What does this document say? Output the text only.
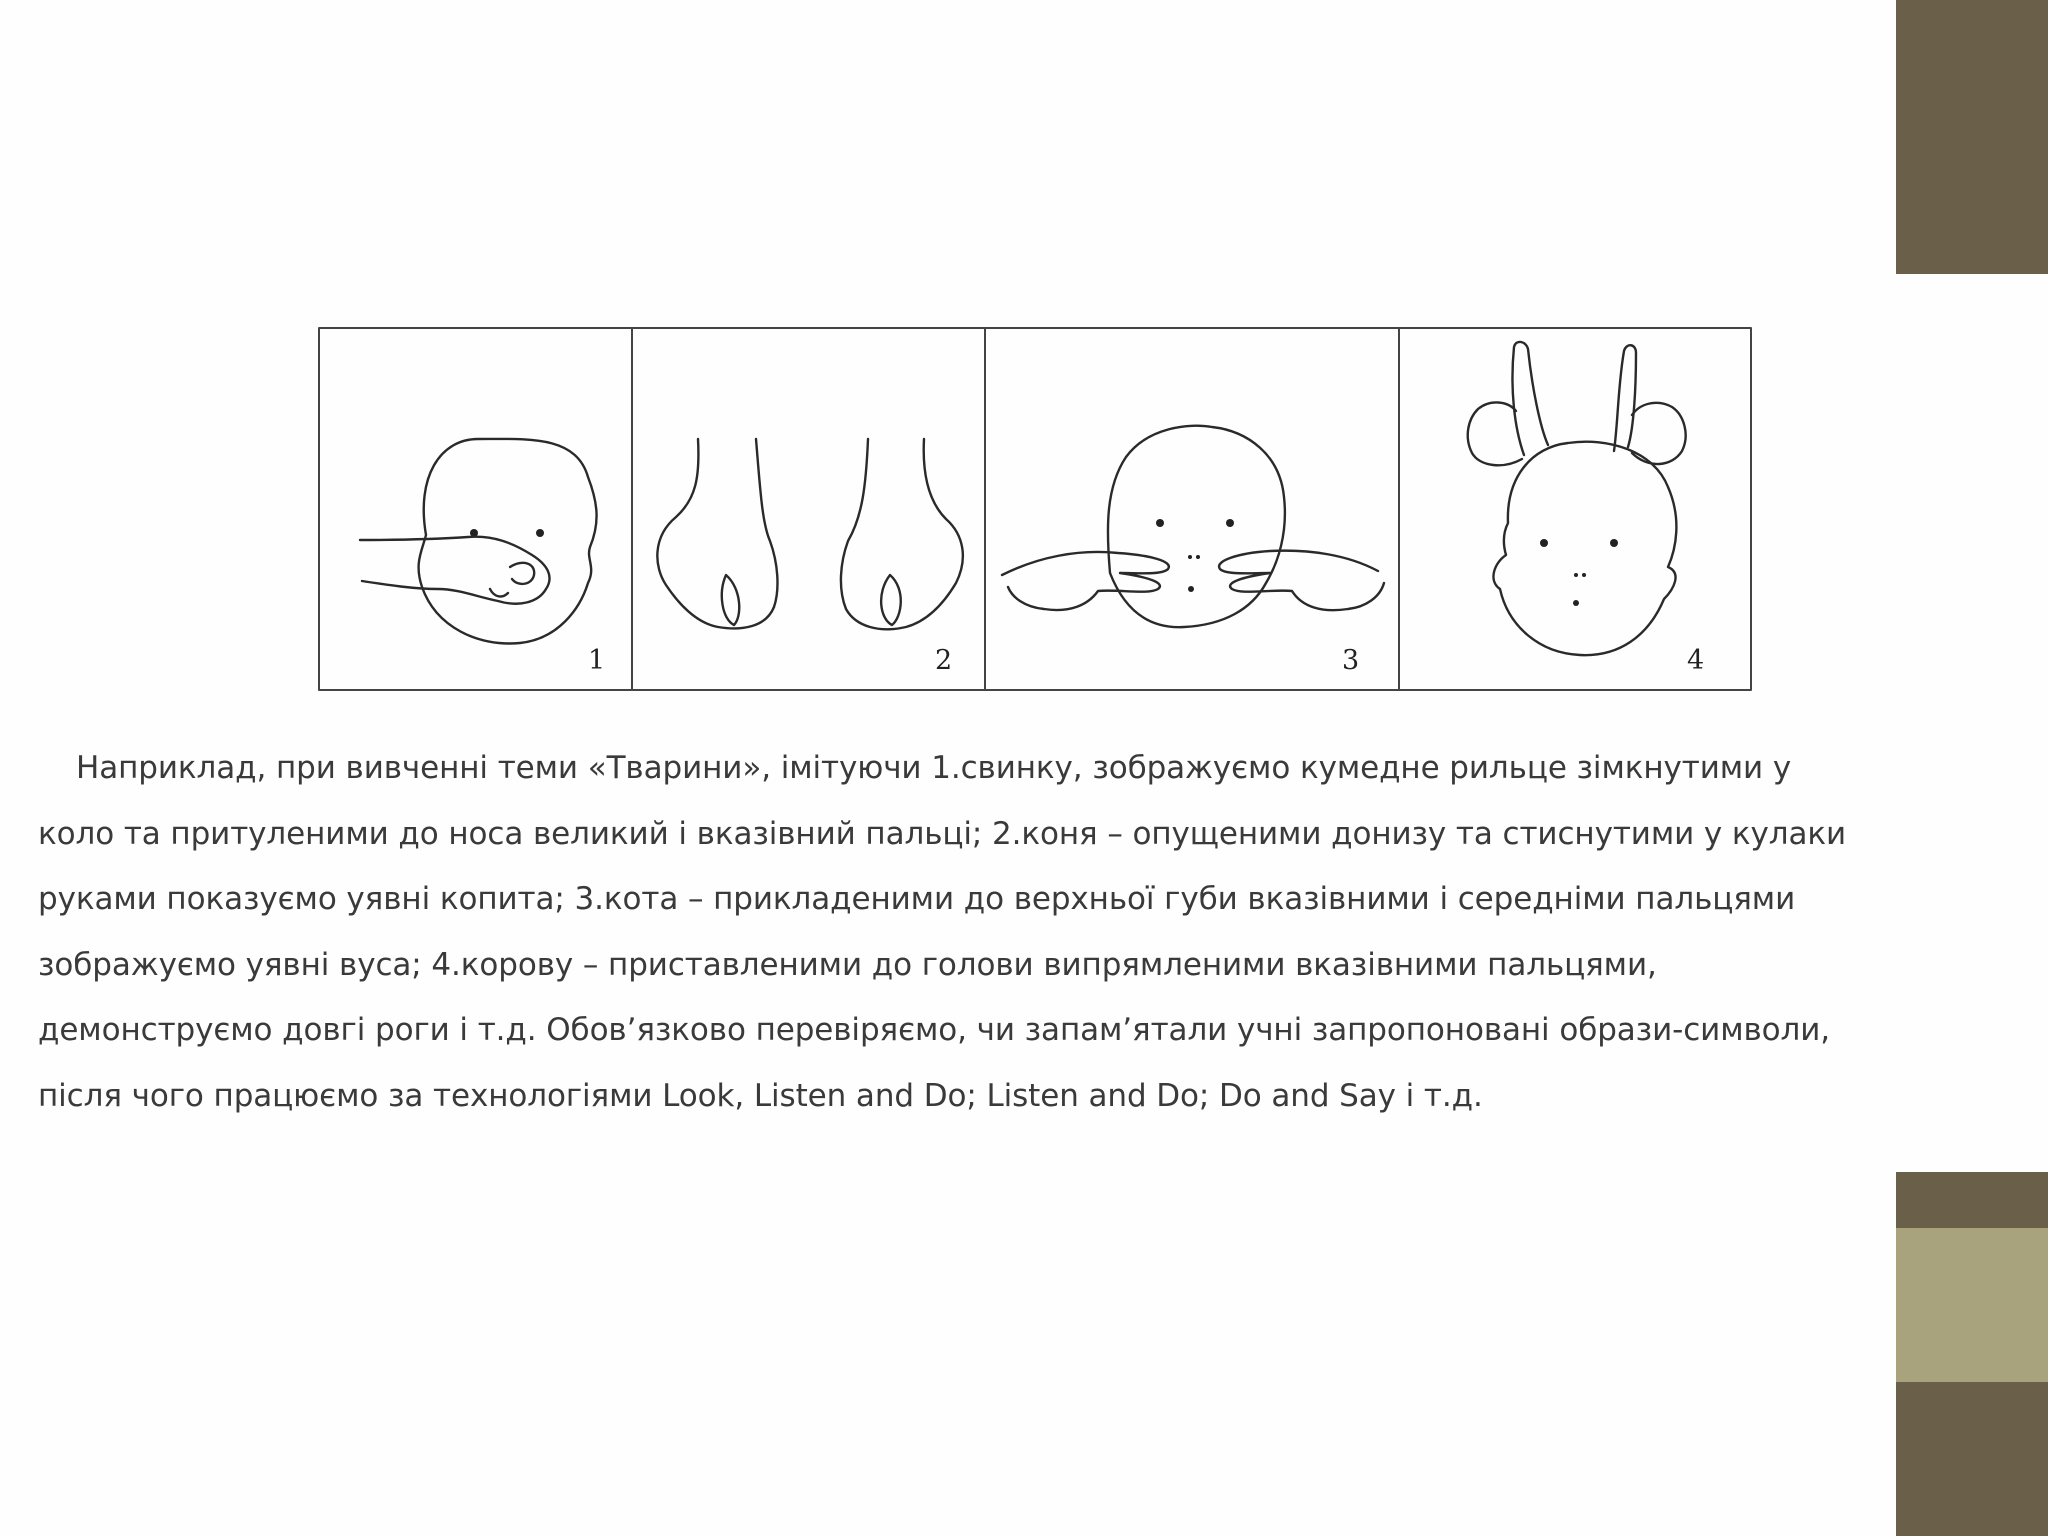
1	2	3	4
Наприклад, при вивченні теми «Тварини», імітуючи 1.свинку, зображуємо кумедне рильце зімкнутими у
коло та притуленими до носа великий і вказівний пальці; 2.коня – опущеними донизу та стиснутими у кулаки
руками показуємо уявні копита; 3.кота – прикладеними до верхньої губи вказівними і середніми пальцями
зображуємо уявні вуса; 4.корову – приставленими до голови випрямленими вказівними пальцями,
демонструємо довгі роги і т.д. Обов’язково перевіряємо, чи запам’ятали учні запропоновані образи-символи,
після чого працюємо за технологіями Look, Listen and Do; Listen and Do; Do and Say і т.д.
